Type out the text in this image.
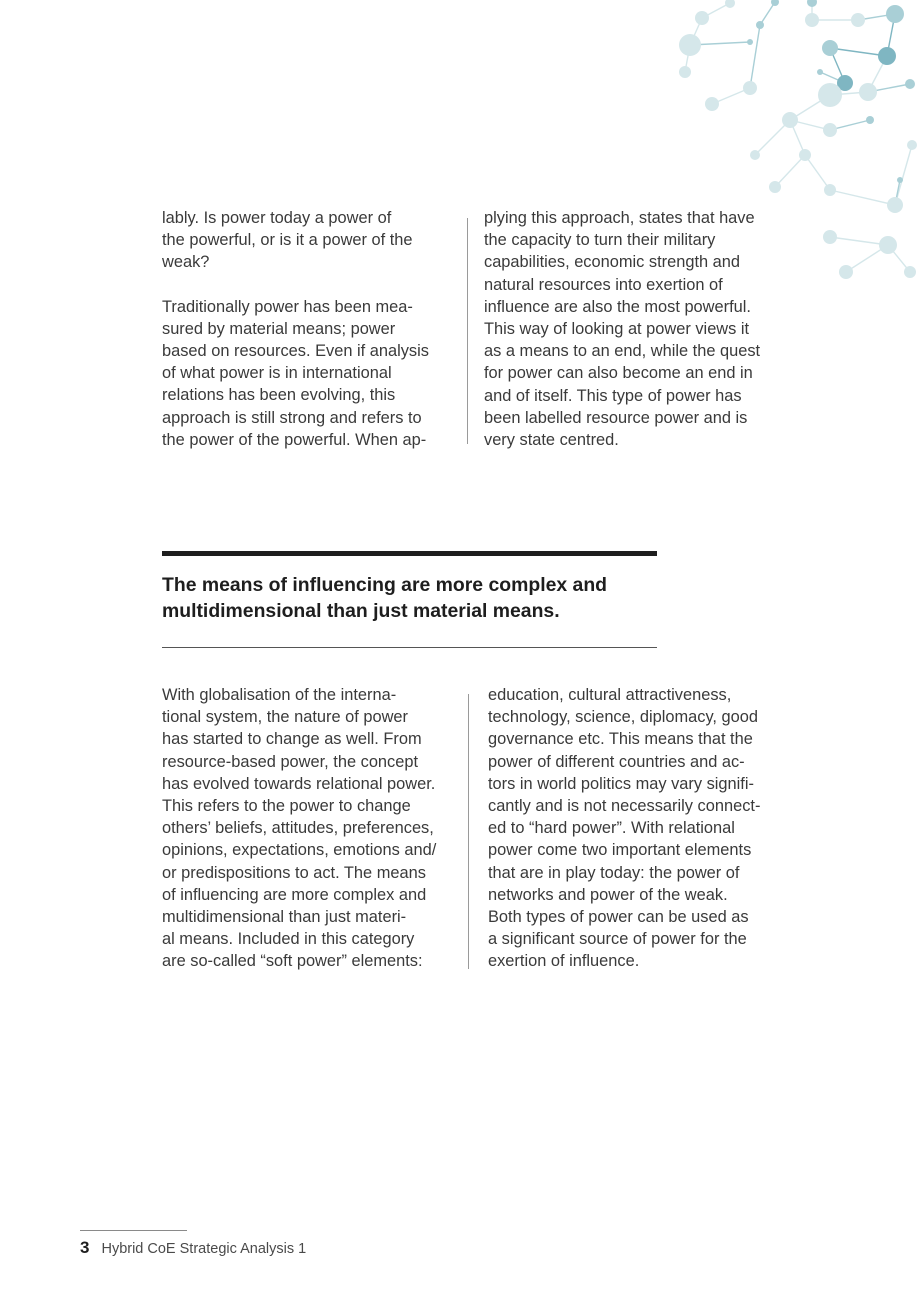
lably. Is power today a power of
the powerful, or is it a power of the
weak?

Traditionally power has been mea-
sured by material means; power
based on resources. Even if analysis
of what power is in international
relations has been evolving, this
approach is still strong and refers to
the power of the powerful. When ap-

plying this approach, states that have
the capacity to turn their military
capabilities, economic strength and
natural resources into exertion of
influence are also the most powerful.
This way of looking at power views it
as a means to an end, while the quest
for power can also become an end in
and of itself. This type of power has
been labelled resource power and is
very state centred.

The means of influencing are more complex and
multidimensional than just material means.

With globalisation of the interna-
tional system, the nature of power
has started to change as well. From
resource-based power, the concept
has evolved towards relational power.
This refers to the power to change
others’ beliefs, attitudes, preferences,
opinions, expectations, emotions and/
or predispositions to act. The means
of influencing are more complex and
multidimensional than just materi-
al means. Included in this category
are so-called “soft power” elements:

education, cultural attractiveness,
technology, science, diplomacy, good
governance etc. This means that the
power of different countries and ac-
tors in world politics may vary signifi-
cantly and is not necessarily connect-
ed to “hard power”. With relational
power come two important elements
that are in play today: the power of
networks and power of the weak.
Both types of power can be used as
a significant source of power for the
exertion of influence.

3 Hybrid CoE Strategic Analysis 1
